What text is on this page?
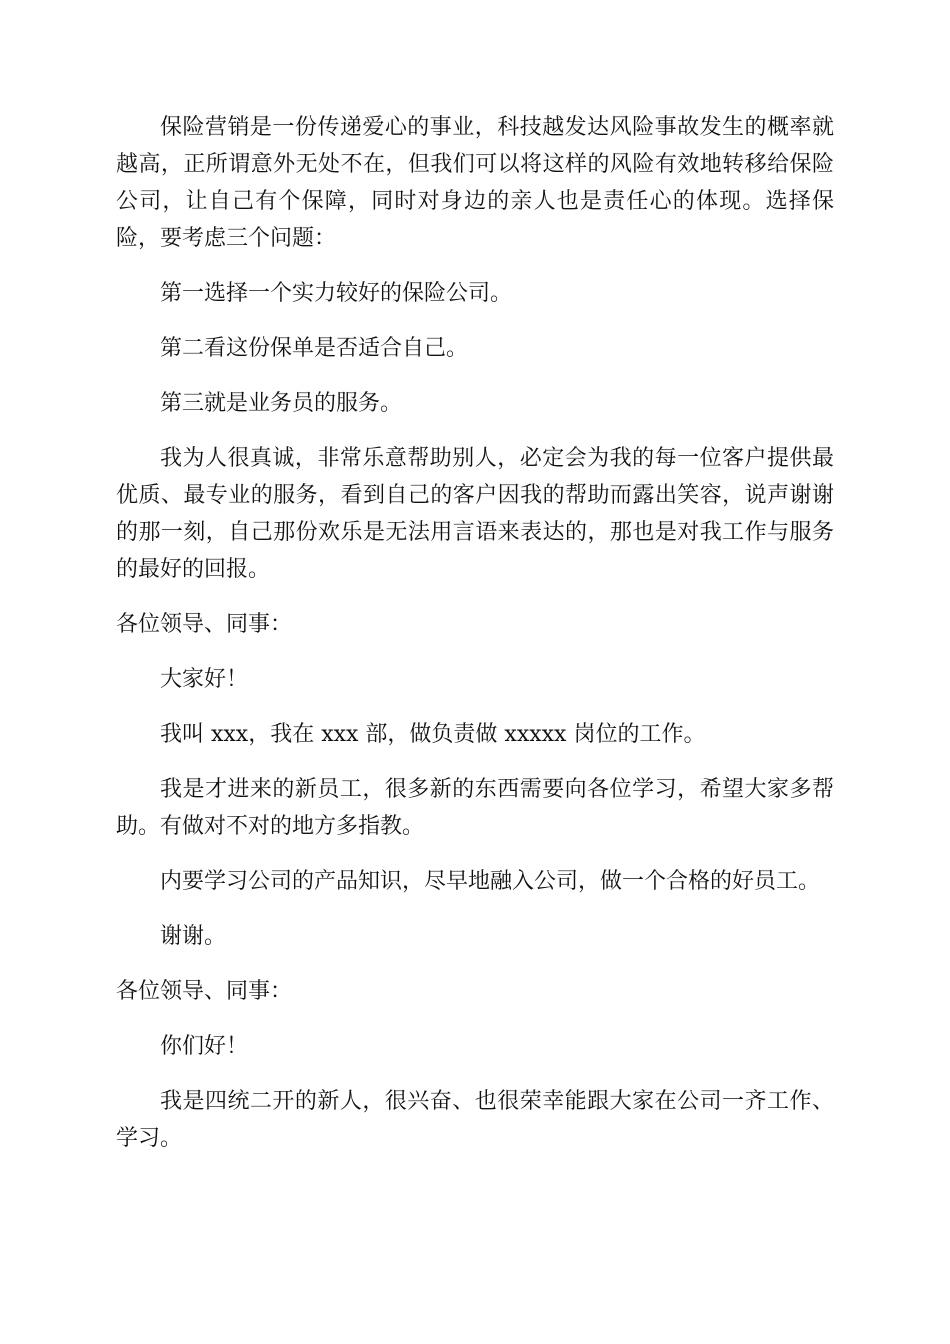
保险营销是一份传递爱心的事业，科技越发达风险事故发生的概率就越高，正所谓意外无处不在，但我们可以将这样的风险有效地转移给保险公司，让自己有个保障，同时对身边的亲人也是责任心的体现。选择保险，要考虑三个问题：

第一选择一个实力较好的保险公司。

第二看这份保单是否适合自己。

第三就是业务员的服务。

我为人很真诚，非常乐意帮助别人，必定会为我的每一位客户提供最优质、最专业的服务，看到自己的客户因我的帮助而露出笑容，说声谢谢的那一刻，自己那份欢乐是无法用言语来表达的，那也是对我工作与服务的最好的回报。

各位领导、同事：

大家好！

我叫 xxx，我在 xxx 部，做负责做 xxxxx 岗位的工作。

我是才进来的新员工，很多新的东西需要向各位学习，希望大家多帮助。有做对不对的地方多指教。

内要学习公司的产品知识，尽早地融入公司，做一个合格的好员工。

谢谢。

各位领导、同事：

你们好！

我是四统二开的新人，很兴奋、也很荣幸能跟大家在公司一齐工作、学习。
